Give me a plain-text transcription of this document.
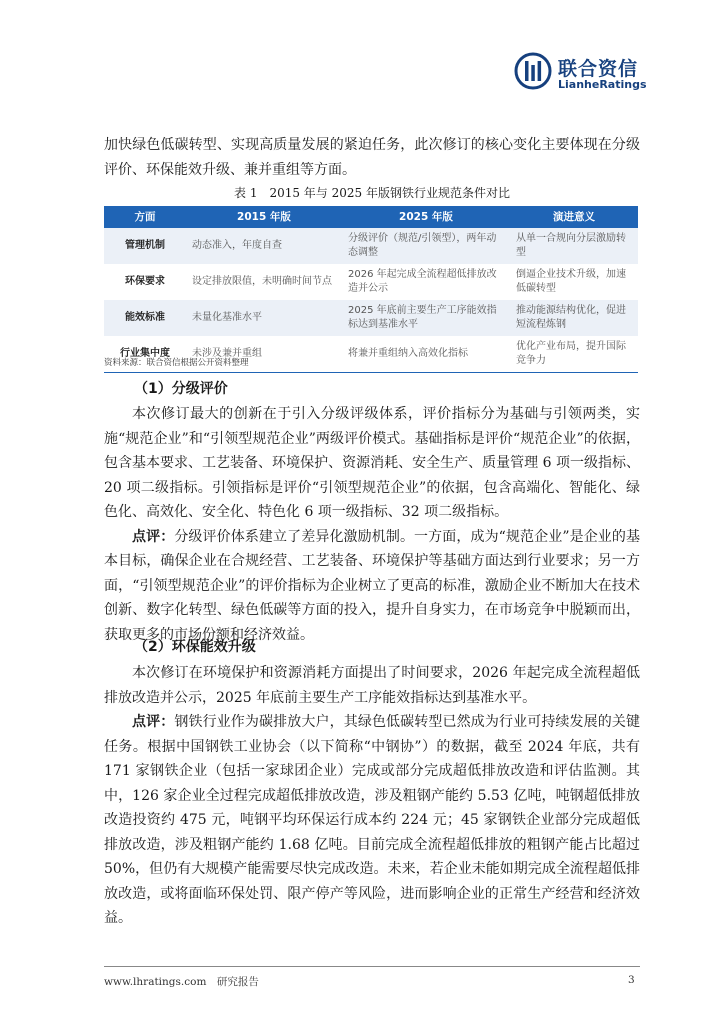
联合资信
LianheRatings
加快绿色低碳转型、实现高质量发展的紧迫任务，此次修订的核心变化主要体现在分级评价、环保能效升级、兼并重组等方面。
表 1　2015 年与 2025 年版钢铁行业规范条件对比
方面	2015 年版	2025 年版	演进意义
管理机制	动态准入，年度自查	分级评价（规范/引领型），两年动态调整	从单一合规向分层激励转型
环保要求	设定排放限值，未明确时间节点	2026 年起完成全流程超低排放改造并公示	倒逼企业技术升级，加速低碳转型
能效标准	未量化基准水平	2025 年底前主要生产工序能效指标达到基准水平	推动能源结构优化，促进短流程炼钢
行业集中度	未涉及兼并重组	将兼并重组纳入高效化指标	优化产业布局，提升国际竞争力
资料来源：联合资信根据公开资料整理
（1）分级评价

本次修订最大的创新在于引入分级评级体系，评价指标分为基础与引领两类，实施“规范企业”和“引领型规范企业”两级评价模式。基础指标是评价“规范企业”的依据，包含基本要求、工艺装备、环境保护、资源消耗、安全生产、质量管理 6 项一级指标、20 项二级指标。引领指标是评价“引领型规范企业”的依据，包含高端化、智能化、绿色化、高效化、安全化、特色化 6 项一级指标、32 项二级指标。

点评：分级评价体系建立了差异化激励机制。一方面，成为“规范企业”是企业的基本目标，确保企业在合规经营、工艺装备、环境保护等基础方面达到行业要求；另一方面，“引领型规范企业”的评价指标为企业树立了更高的标准，激励企业不断加大在技术创新、数字化转型、绿色低碳等方面的投入，提升自身实力，在市场竞争中脱颖而出，获取更多的市场份额和经济效益。

（2）环保能效升级

本次修订在环境保护和资源消耗方面提出了时间要求，2026 年起完成全流程超低排放改造并公示，2025 年底前主要生产工序能效指标达到基准水平。

点评：钢铁行业作为碳排放大户，其绿色低碳转型已然成为行业可持续发展的关键任务。根据中国钢铁工业协会（以下简称“中钢协”）的数据，截至 2024 年底，共有 171 家钢铁企业（包括一家球团企业）完成或部分完成超低排放改造和评估监测。其中，126 家企业全过程完成超低排放改造，涉及粗钢产能约 5.53 亿吨，吨钢超低排放改造投资约 475 元，吨钢平均环保运行成本约 224 元；45 家钢铁企业部分完成超低排放改造，涉及粗钢产能约 1.68 亿吨。目前完成全流程超低排放的粗钢产能占比超过 50%，但仍有大规模产能需要尽快完成改造。未来，若企业未能如期完成全流程超低排放改造，或将面临环保处罚、限产停产等风险，进而影响企业的正常生产经营和经济效益。

www.lhratings.com　研究报告	3
